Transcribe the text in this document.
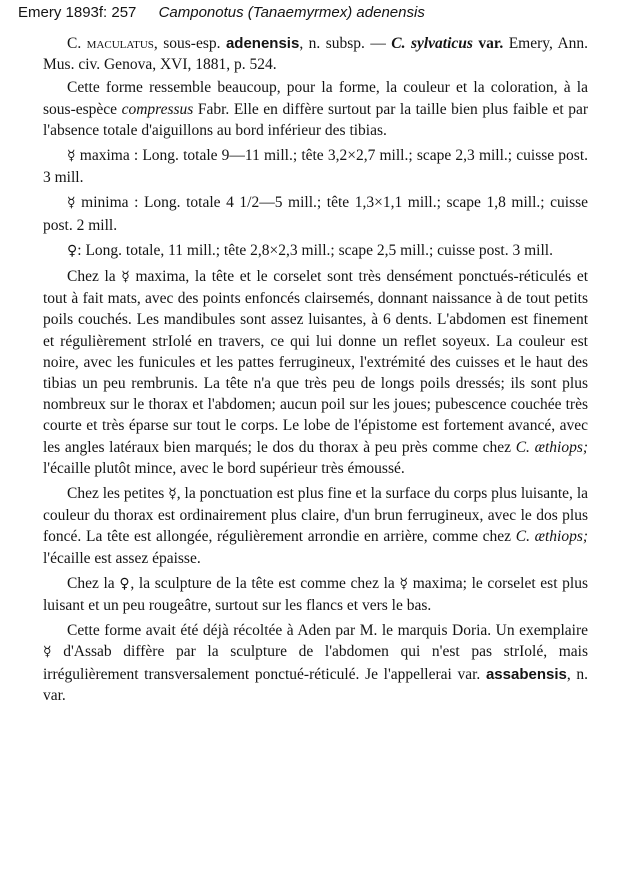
Emery 1893f: 257 Camponotus (Tanaemyrmex) adenensis

C. maculatus, sous-esp. adenensis, n. subsp. — C. sylvaticus var. Emery, Ann. Mus. civ. Genova, XVI, 1881, p. 524.

Cette forme ressemble beaucoup, pour la forme, la couleur et la coloration, à la sous-espèce compressus Fabr. Elle en diffère surtout par la taille bien plus faible et par l'absence totale d'aiguillons au bord inférieur des tibias.

☿ maxima : Long. totale 9—11 mill.; tête 3,2×2,7 mill.; scape 2,3 mill.; cuisse post. 3 mill.

☿ minima : Long. totale 4 1/2—5 mill.; tête 1,3×1,1 mill.; scape 1,8 mill.; cuisse post. 2 mill.

♀: Long. totale, 11 mill.; tête 2,8×2,3 mill.; scape 2,5 mill.; cuisse post. 3 mill.

Chez la ☿ maxima, la tête et le corselet sont très densément ponctués-réticulés et tout à fait mats, avec des points enfoncés clairsemés, donnant naissance à de tout petits poils couchés. Les mandibules sont assez luisantes, à 6 dents. L'abdomen est finement et régulièrement strIolé en travers, ce qui lui donne un reflet soyeux. La couleur est noire, avec les funicules et les pattes ferrugineux, l'extrémité des cuisses et le haut des tibias un peu rembrunis. La tête n'a que très peu de longs poils dressés; ils sont plus nombreux sur le thorax et l'abdomen; aucun poil sur les joues; pubescence couchée très courte et très éparse sur tout le corps. Le lobe de l'épistome est fortement avancé, avec les angles latéraux bien marqués; le dos du thorax à peu près comme chez C. æthiops; l'écaille plutôt mince, avec le bord supérieur très émoussé.

Chez les petites ☿, la ponctuation est plus fine et la surface du corps plus luisante, la couleur du thorax est ordinairement plus claire, d'un brun ferrugineux, avec le dos plus foncé. La tête est allongée, régulièrement arrondie en arrière, comme chez C. æthiops; l'écaille est assez épaisse.

Chez la ♀, la sculpture de la tête est comme chez la ☿ maxima; le corselet est plus luisant et un peu rougeâtre, surtout sur les flancs et vers le bas.

Cette forme avait été déjà récoltée à Aden par M. le marquis Doria. Un exemplaire ☿ d'Assab diffère par la sculpture de l'abdomen qui n'est pas strIolé, mais irrégulièrement transversalement ponctué-réticulé. Je l'appellerai var. assabensis, n. var.
